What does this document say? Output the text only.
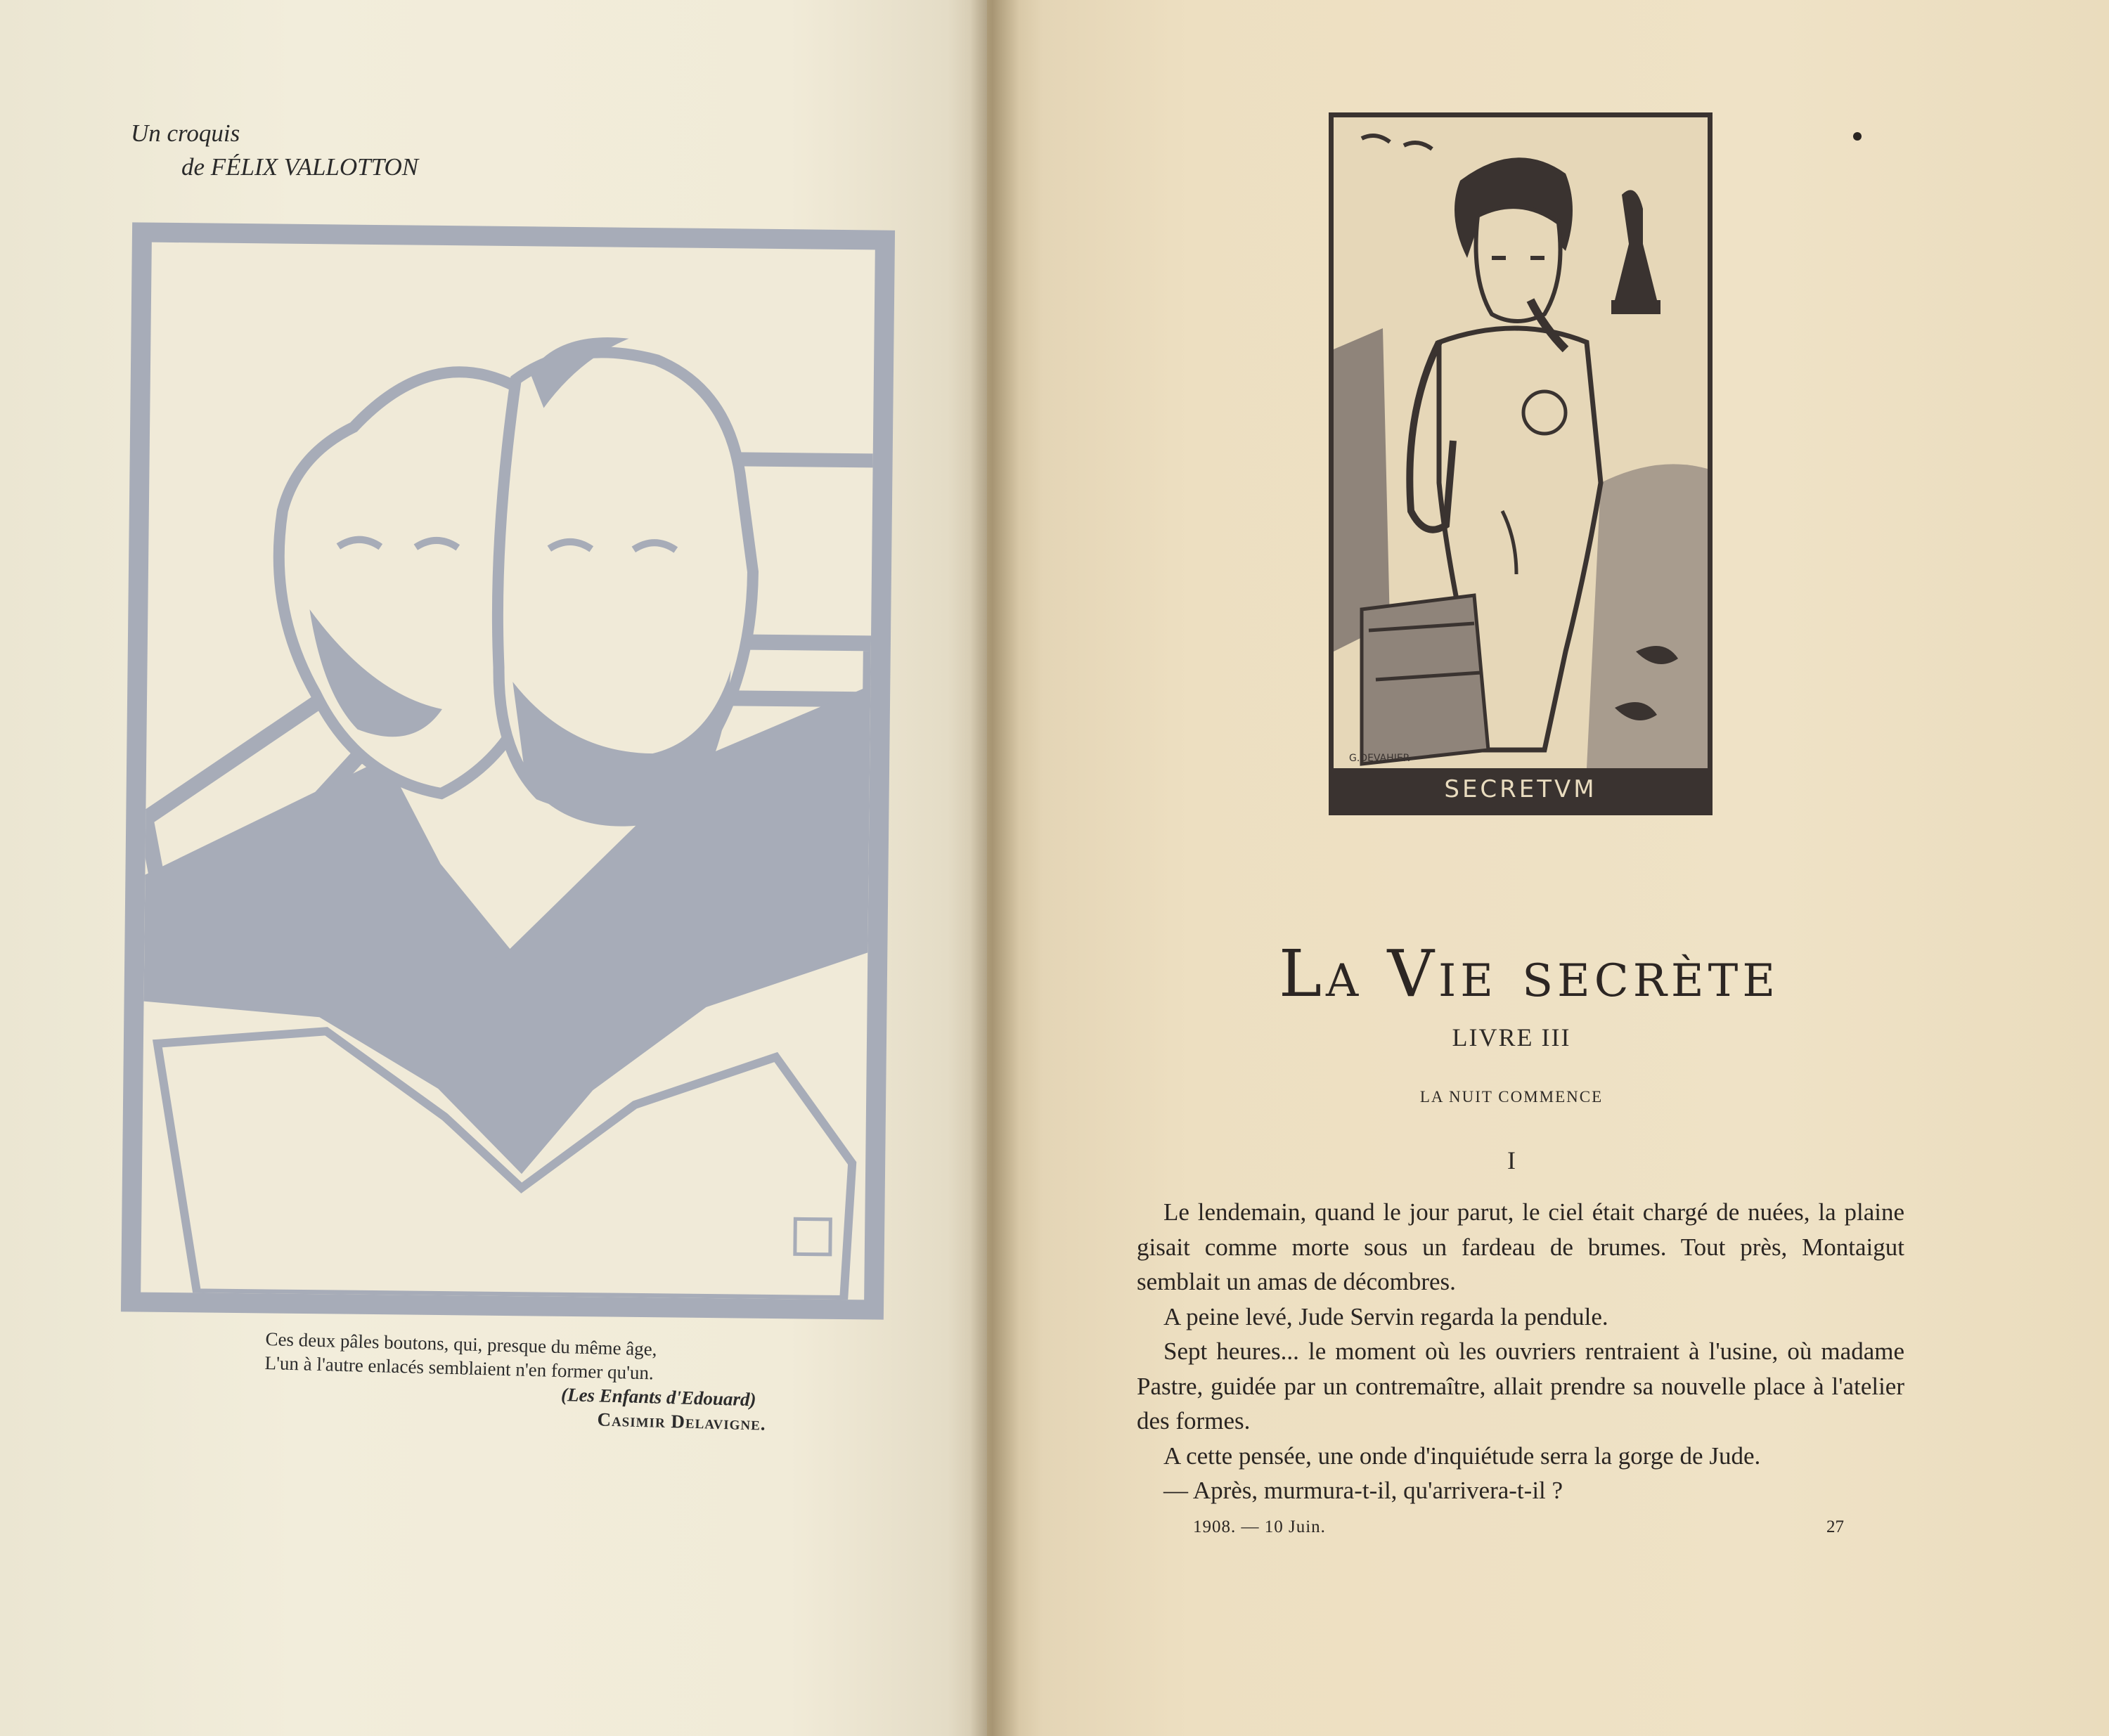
Un croquis
de FÉLIX VALLOTTON
Ces deux pâles boutons, qui, presque du même âge,
L'un à l'autre enlacés semblaient n'en former qu'un.
(Les Enfants d'Edouard)
Casimir Delavigne.
G.DEVAHIER
SECRETVM
La Vie secrète
LIVRE III
LA NUIT COMMENCE
I

Le lendemain, quand le jour parut, le ciel était chargé de nuées, la plaine gisait comme morte sous un fardeau de brumes. Tout près, Montaigut semblait un amas de décombres.

A peine levé, Jude Servin regarda la pendule.

Sept heures... le moment où les ouvriers rentraient à l'usine, où madame Pastre, guidée par un contremaître, allait prendre sa nouvelle place à l'atelier des formes.

A cette pensée, une onde d'inquiétude serra la gorge de Jude.

— Après, murmura-t-il, qu'arrivera-t-il ?

1908. — 10 Juin.	27
